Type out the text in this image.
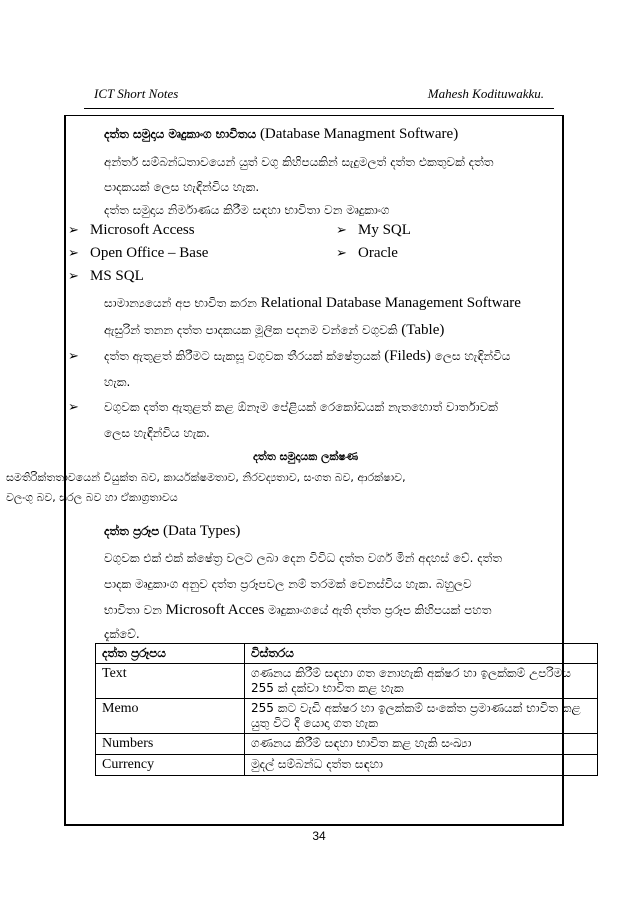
ICT Short Notes	Mahesh Kodituwakku.
දත්ත සමුදාය මෘදුකාංග භාවිතය (Database Managment Software)
අන්තර් සම්බන්ධතාවයෙන් යුත් වගු කිහිපයකින් සැදුමලත් දත්ත එකතුවක් දත්ත
පාදකයක් ලෙස හැඳින්විය හැක.
දත්ත සමුදාය නිර්මාණය කිරීම සඳහා භාවිතා වන මෘදුකාංග
➢ Microsoft Access	➢ My SQL
➢ Open Office – Base	➢ Oracle
➢ MS SQL
සාමාන්‍යයෙන් අප භාවිත කරන Relational Database Management Software
ඇසුරින් තනන දත්ත පාදකයක මූලික පදනම වන්නේ වගුවකි (Table)
➢ දත්ත ඇතුළත් කිරීමට සැකසූ වගුවක තීරයක් ක්ෂේත්‍රයක් (Fileds) ලෙස හැඳින්විය
හැක.
➢ වගුවක දත්ත ඇතුළත් කළ ඕනෑම පේළියක් රෙකෝඩයක් නැතහොත් වාර්තාවක්
ලෙස හැඳින්විය හැක.
දත්ත සමුදායක ලක්ෂණ
සමතිරික්තතාවයෙන් වියුක්ත බව, කාර්යක්ෂමතාව, නිරවද්‍යතාව, සංගත බව, ආරක්ෂාව,
වලංගු බව, සරල බව හා ඒකාග්‍රතාවය
දත්ත ප්‍රරූප (Data Types)
වගුවක එක් එක් ක්ෂේත්‍ර වලට ලබා දෙන විවිධ දත්ත වර්ග මින් අදහස් වේ. දත්ත
පාදක මෘදුකාංග අනුව දත්ත ප්‍රරූපවල නම් තරමක් වෙනස්විය හැක. බහුලව
භාවිතා වන Microsoft Acces මෘදුකාංගයේ ඇති දත්ත ප්‍රරූප කිහිපයක් පහත
දැක්වේ.
දත්ත ප්‍රරූපය	විස්තරය
Text	ගණනය කිරීම් සඳහා ගත නොහැකි අක්ෂර හා ඉලක්කම් උපරිමය
255 ක් දක්වා භාවිත කළ හැක

Memo	255 කට වැඩි අක්ෂර හා ඉලක්කම් සංකේත ප්‍රමාණයක් භාවිත කළ
යුතු විට දී යොදා ගත හැක

Numbers	ගණනය කිරීම් සඳහා භාවිත කළ හැකි සංඛ්‍යා
Currency	මුදල් සම්බන්ධ දත්ත සඳහා
34
